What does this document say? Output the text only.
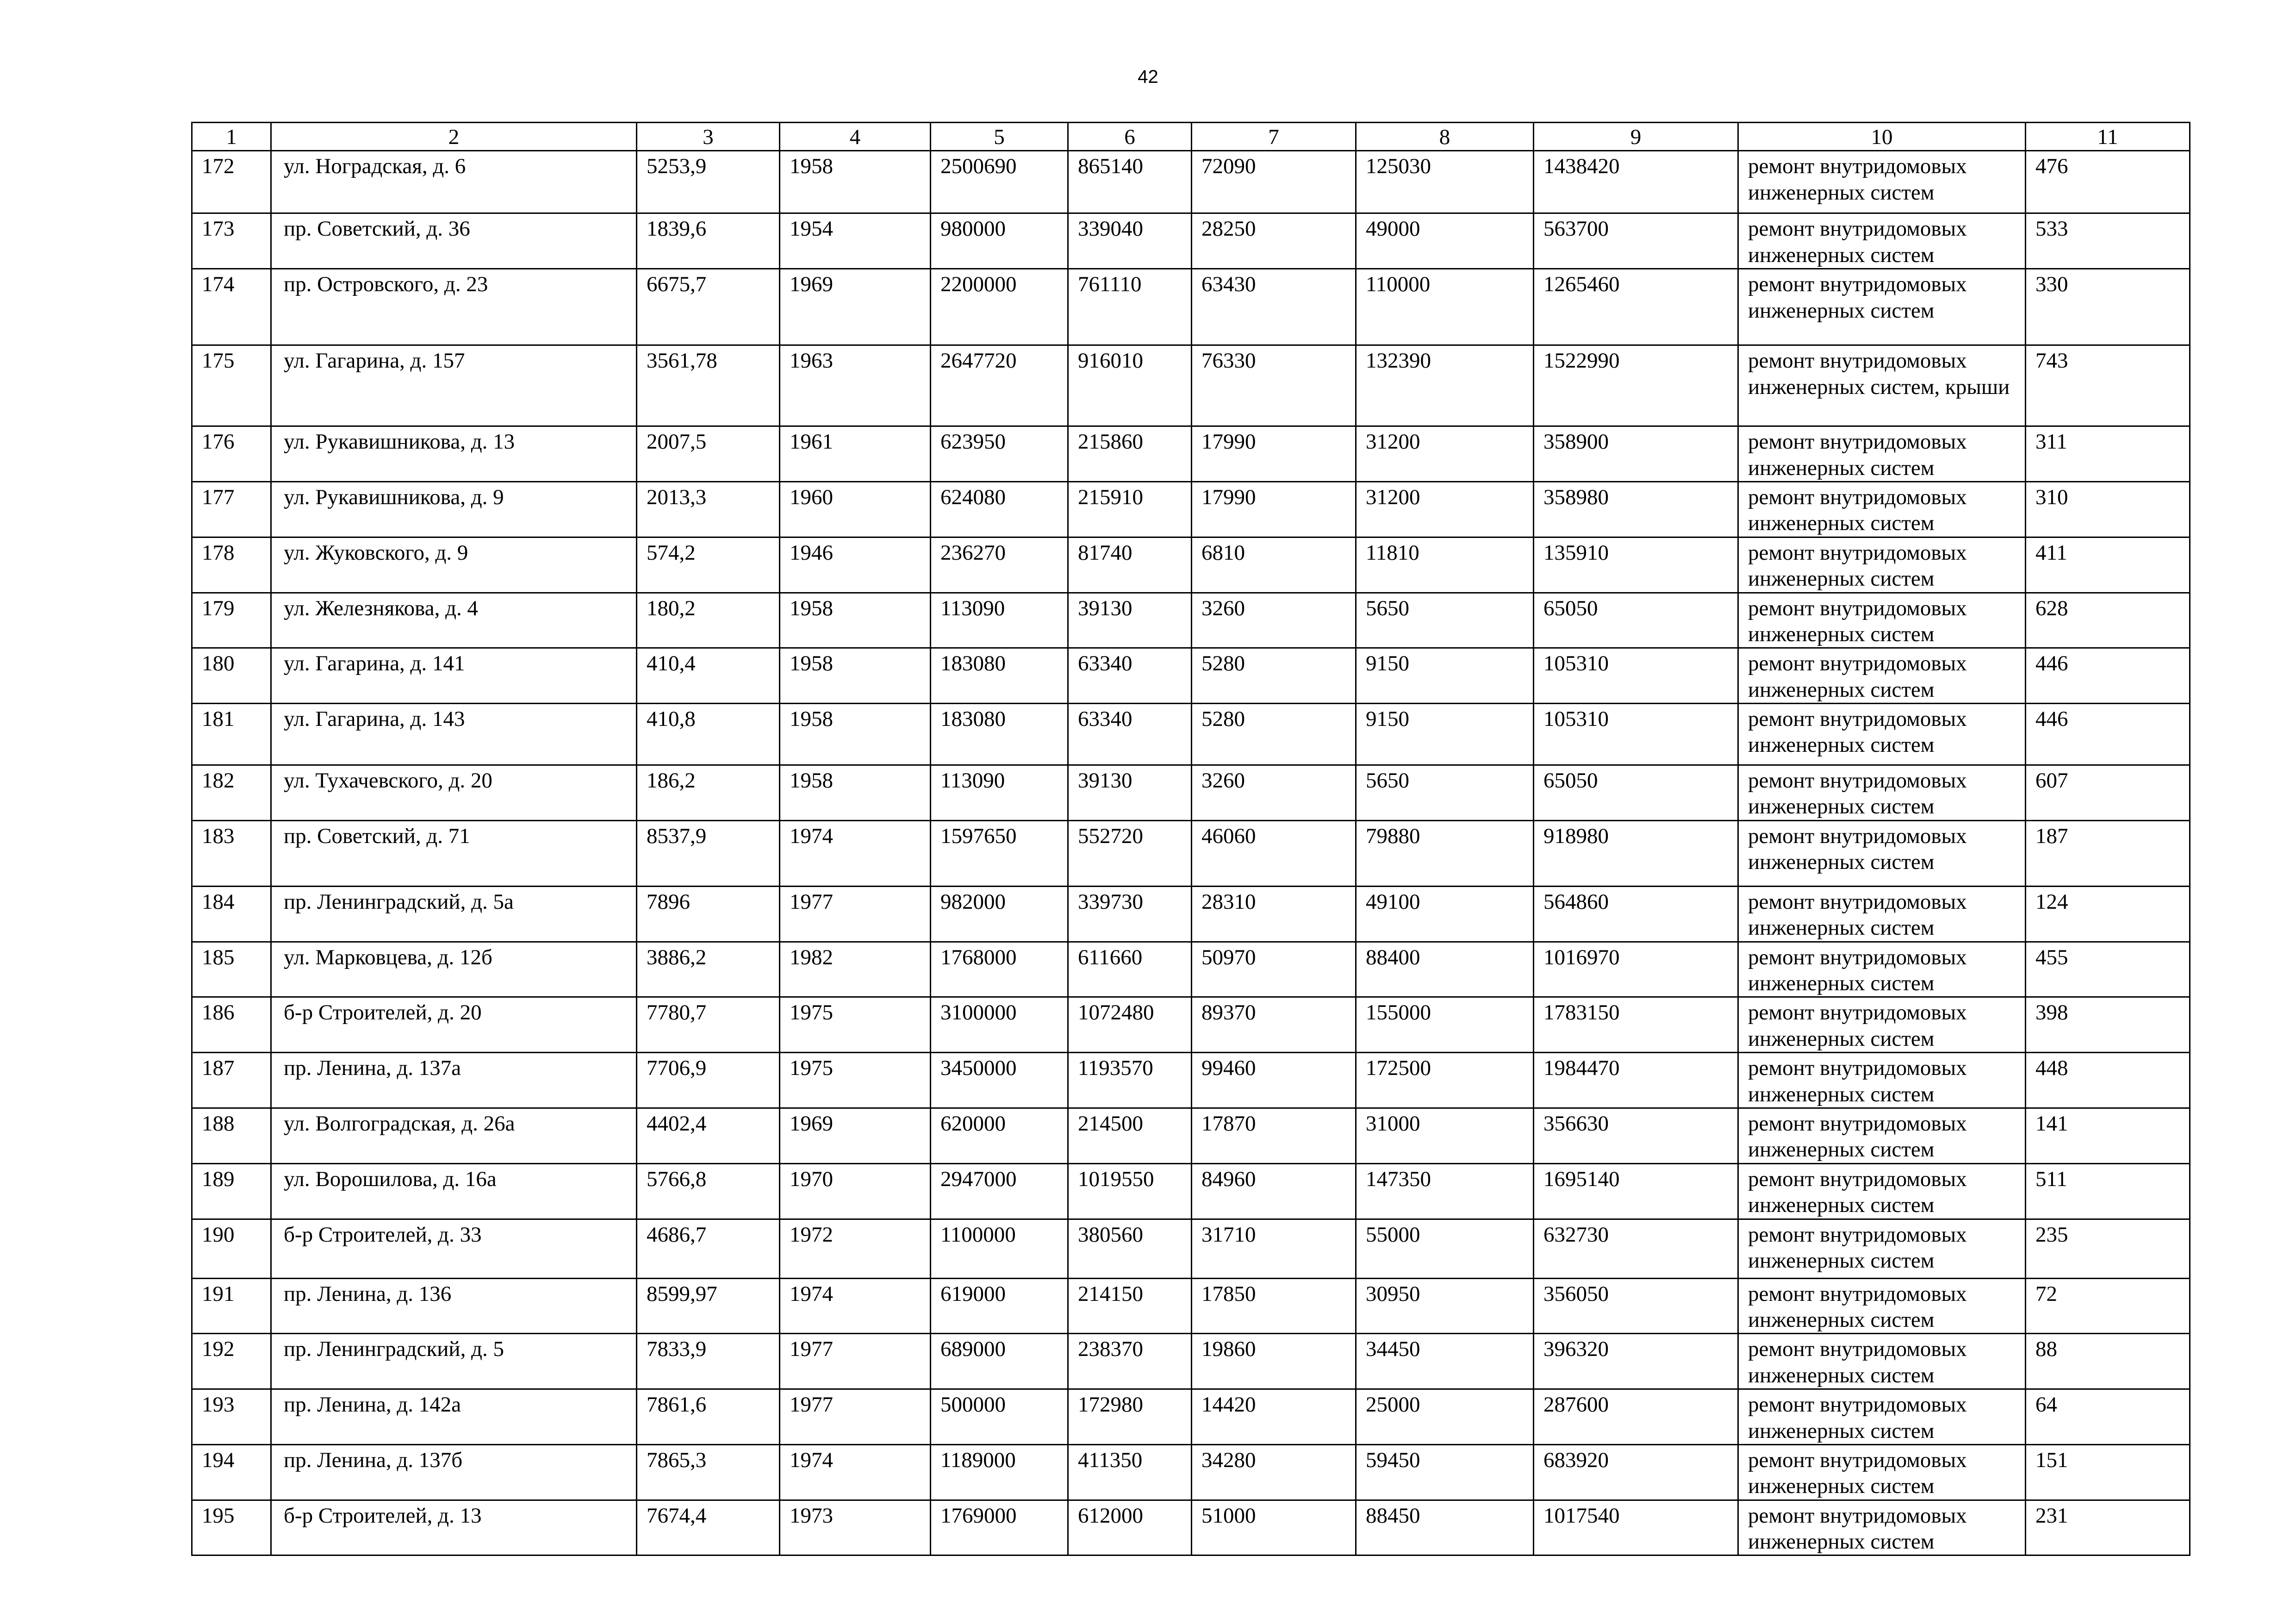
42
1	2	3	4	5	6	7	8	9	10	11
172	ул. Ноградская, д. 6	5253,9	1958	2500690	865140	72090	125030	1438420	ремонт внутридомовых инженерных систем	476
173	пр. Советский, д. 36	1839,6	1954	980000	339040	28250	49000	563700	ремонт внутридомовых инженерных систем	533
174	пр. Островского, д. 23	6675,7	1969	2200000	761110	63430	110000	1265460	ремонт внутридомовых инженерных систем	330
175	ул. Гагарина, д. 157	3561,78	1963	2647720	916010	76330	132390	1522990	ремонт внутридомовых инженерных систем, крыши	743
176	ул. Рукавишникова, д. 13	2007,5	1961	623950	215860	17990	31200	358900	ремонт внутридомовых инженерных систем	311
177	ул. Рукавишникова, д. 9	2013,3	1960	624080	215910	17990	31200	358980	ремонт внутридомовых инженерных систем	310
178	ул. Жуковского, д. 9	574,2	1946	236270	81740	6810	11810	135910	ремонт внутридомовых инженерных систем	411
179	ул. Железнякова, д. 4	180,2	1958	113090	39130	3260	5650	65050	ремонт внутридомовых инженерных систем	628
180	ул. Гагарина, д. 141	410,4	1958	183080	63340	5280	9150	105310	ремонт внутридомовых инженерных систем	446
181	ул. Гагарина, д. 143	410,8	1958	183080	63340	5280	9150	105310	ремонт внутридомовых инженерных систем	446
182	ул. Тухачевского, д. 20	186,2	1958	113090	39130	3260	5650	65050	ремонт внутридомовых инженерных систем	607
183	пр. Советский, д. 71	8537,9	1974	1597650	552720	46060	79880	918980	ремонт внутридомовых инженерных систем	187
184	пр. Ленинградский, д. 5а	7896	1977	982000	339730	28310	49100	564860	ремонт внутридомовых инженерных систем	124
185	ул. Марковцева, д. 12б	3886,2	1982	1768000	611660	50970	88400	1016970	ремонт внутридомовых инженерных систем	455
186	б-р Строителей, д. 20	7780,7	1975	3100000	1072480	89370	155000	1783150	ремонт внутридомовых инженерных систем	398
187	пр. Ленина, д. 137а	7706,9	1975	3450000	1193570	99460	172500	1984470	ремонт внутридомовых инженерных систем	448
188	ул. Волгоградская, д. 26а	4402,4	1969	620000	214500	17870	31000	356630	ремонт внутридомовых инженерных систем	141
189	ул. Ворошилова, д. 16а	5766,8	1970	2947000	1019550	84960	147350	1695140	ремонт внутридомовых инженерных систем	511
190	б-р Строителей, д. 33	4686,7	1972	1100000	380560	31710	55000	632730	ремонт внутридомовых инженерных систем	235
191	пр. Ленина, д. 136	8599,97	1974	619000	214150	17850	30950	356050	ремонт внутридомовых инженерных систем	72
192	пр. Ленинградский, д. 5	7833,9	1977	689000	238370	19860	34450	396320	ремонт внутридомовых инженерных систем	88
193	пр. Ленина, д. 142а	7861,6	1977	500000	172980	14420	25000	287600	ремонт внутридомовых инженерных систем	64
194	пр. Ленина, д. 137б	7865,3	1974	1189000	411350	34280	59450	683920	ремонт внутридомовых инженерных систем	151
195	б-р Строителей, д. 13	7674,4	1973	1769000	612000	51000	88450	1017540	ремонт внутридомовых инженерных систем	231
